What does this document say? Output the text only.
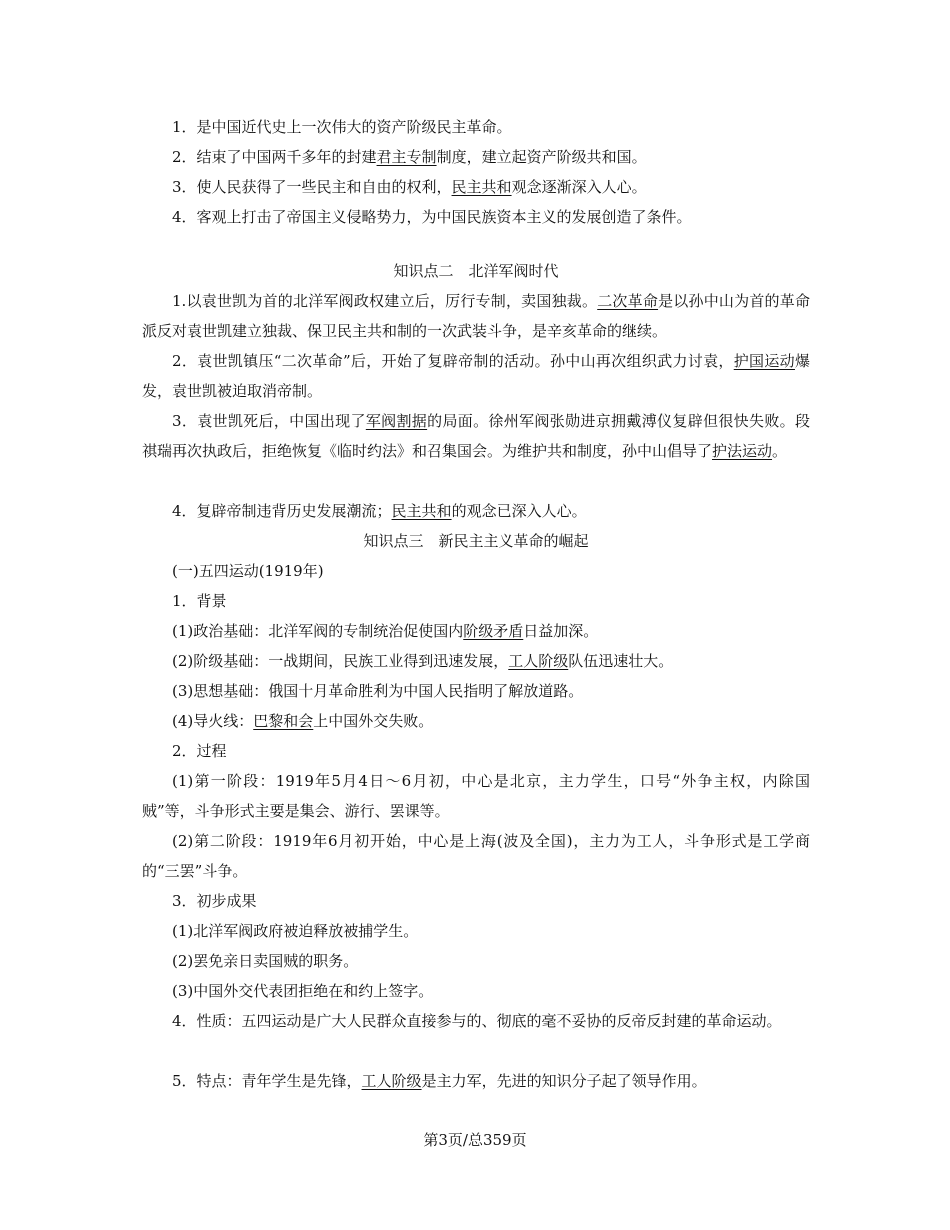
1．是中国近代史上一次伟大的资产阶级民主革命。

2．结束了中国两千多年的封建君主专制制度，建立起资产阶级共和国。

3．使人民获得了一些民主和自由的权利，民主共和观念逐渐深入人心。

4．客观上打击了帝国主义侵略势力，为中国民族资本主义的发展创造了条件。

知识点二　北洋军阀时代

1.以袁世凯为首的北洋军阀政权建立后，厉行专制，卖国独裁。二次革命是以孙中山为首的革命派反对袁世凯建立独裁、保卫民主共和制的一次武装斗争，是辛亥革命的继续。

2．袁世凯镇压“二次革命”后，开始了复辟帝制的活动。孙中山再次组织武力讨袁，护国运动爆发，袁世凯被迫取消帝制。

3．袁世凯死后，中国出现了军阀割据的局面。徐州军阀张勋进京拥戴溥仪复辟但很快失败。段祺瑞再次执政后，拒绝恢复《临时约法》和召集国会。为维护共和制度，孙中山倡导了护法运动。

4．复辟帝制违背历史发展潮流；民主共和的观念已深入人心。

知识点三　新民主主义革命的崛起

(一)五四运动(1919年)

1．背景

(1)政治基础：北洋军阀的专制统治促使国内阶级矛盾日益加深。

(2)阶级基础：一战期间，民族工业得到迅速发展，工人阶级队伍迅速壮大。

(3)思想基础：俄国十月革命胜利为中国人民指明了解放道路。

(4)导火线：巴黎和会上中国外交失败。

2．过程

(1)第一阶段：1919年5月4日～6月初，中心是北京，主力学生，口号“外争主权，内除国贼”等，斗争形式主要是集会、游行、罢课等。

(2)第二阶段：1919年6月初开始，中心是上海(波及全国)，主力为工人，斗争形式是工学商的“三罢”斗争。

3．初步成果

(1)北洋军阀政府被迫释放被捕学生。

(2)罢免亲日卖国贼的职务。

(3)中国外交代表团拒绝在和约上签字。

4．性质：五四运动是广大人民群众直接参与的、彻底的毫不妥协的反帝反封建的革命运动。

5．特点：青年学生是先锋，工人阶级是主力军，先进的知识分子起了领导作用。

第3页/总359页
